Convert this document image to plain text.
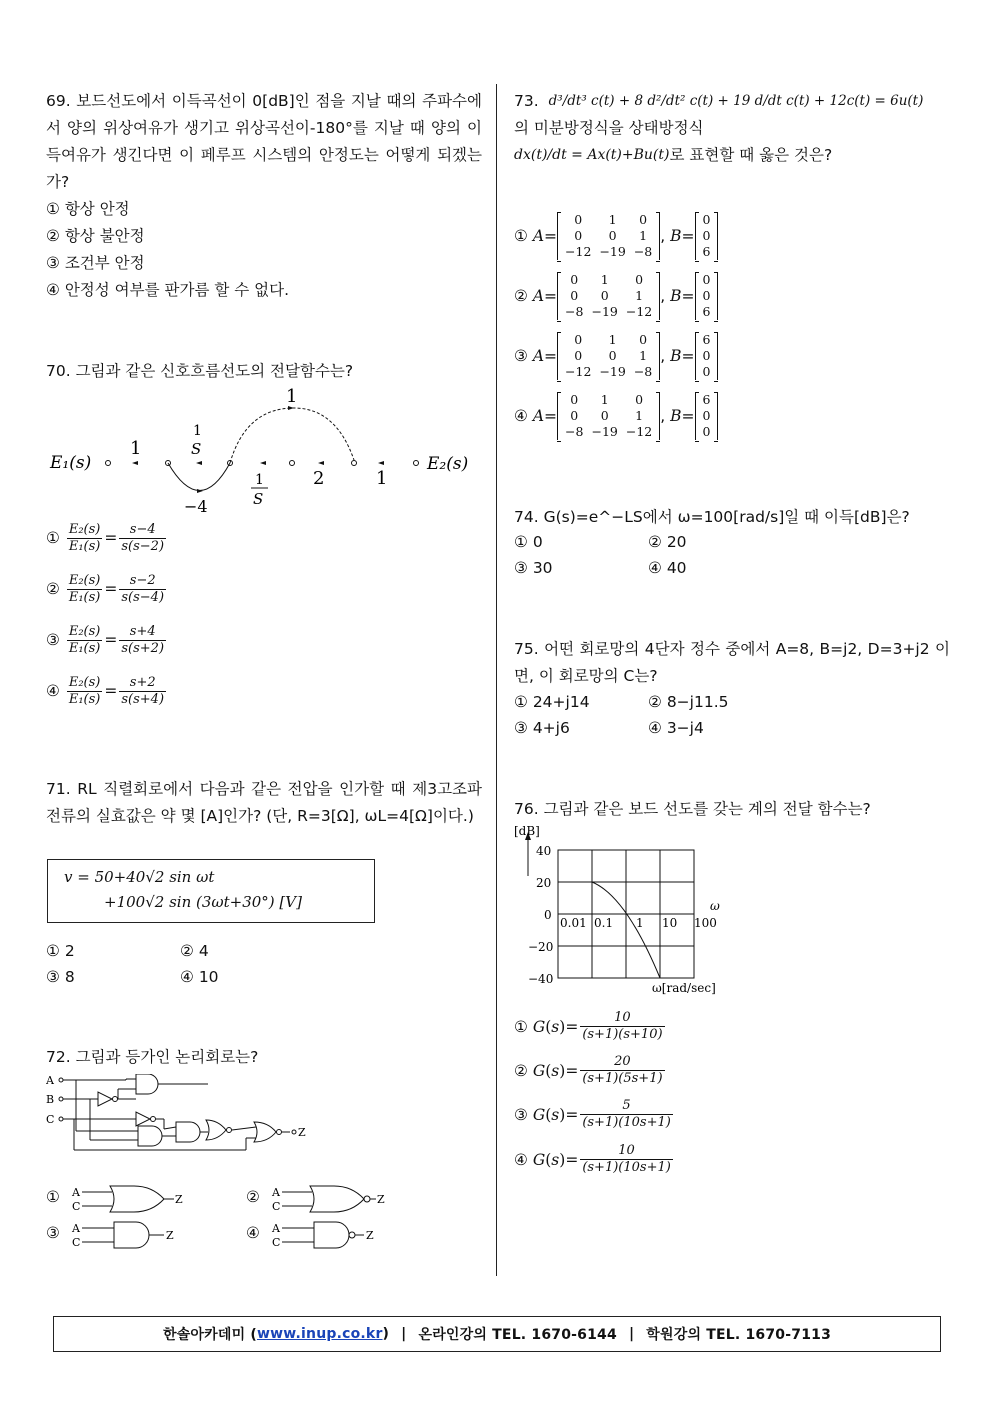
69. 보드선도에서 이득곡선이 0[dB]인 점을 지날 때의 주파수에서 양의 위상여유가 생기고 위상곡선이-180°를 지날 때 양의 이득여유가 생긴다면 이 페루프 시스템의 안정도는 어떻게 되겠는가?

① 항상 안정
② 항상 불안정
③ 조건부 안정
④ 안정성 여부를 판가름 할 수 없다.

70. 그림과 같은 신호흐름선도의 전달함수는?

E₁(s)
1
1
S
−4
1
1
S
2	1
E₂(s)
① $\frac{\text{E₂(s)}}{\text{E₁(s)}} = \frac{s-4}{s(s-2)}$
② $\frac{\text{E₂(s)}}{\text{E₁(s)}} = \frac{s-2}{s(s-4)}$
③ $\frac{\text{E₂(s)}}{\text{E₁(s)}} = \frac{s+4}{s(s+2)}$
④ $\frac{\text{E₂(s)}}{\text{E₁(s)}} = \frac{s+2}{s(s+4)}$

71. RL 직렬회로에서 다음과 같은 전압을 인가할 때 제3고조파 전류의 실효값은 약 몇 [A]인가? (단, R=3[Ω], ωL=4[Ω]이다.)

v = 50+40√2 sin ωt
+100√2 sin (3ωt+30°) [V]
① 2	② 4
③ 8	④ 10

72. 그림과 등가인 논리회로는?

A
B
C
Z
① A
C
Z	② A
C
Z
③ A
C
Z	④ A
C
Z
73. d³/dt³ c(t) + 8 d²/dt² c(t) + 19 d/dt c(t) + 12c(t) = 6u(t)

의 미분방정식을 상태방정식

dx(t)/dt = Ax(t)+Bu(t) 로 표현할 때 옳은 것은?
①
A =
0	1	0
0	0	1
−12	−19	−8
, B =
0
0
6
②
A =
0	1	0
0	0	1
−8	−19	−12
, B =
0
0
6
③
A =
0	1	0
0	0	1
−12	−19	−8
, B =
6
0
0
④
A =
0	1	0
0	0	1
−8	−19	−12
, B =
6
0
0

74. G(s)=e^−LS에서 ω=100[rad/s]일 때 이득[dB]은?

① 0	② 20
③ 30	④ 40

75. 어떤 회로망의 4단자 정수 중에서 A=8, B=j2, D=3+j2 이면, 이 회로망의 C는?

① 24+j14	② 8−j11.5
③ 4+j6	④ 3−j4

76. 그림과 같은 보드 선도를 갖는 계의 전달 함수는?

[dB]
40
20
0
−20
−40
0.01 0.1 1 10 100
ω
ω[rad/sec]
①
G ( s )= $\frac{10}{(s+1)(s+10)}$
②
G ( s )= $\frac{20}{(s+1)(5s+1)}$
③
G ( s )= $\frac{5}{(s+1)(10s+1)}$
④
G ( s )= $\frac{10}{(s+1)(10s+1)}$
한솔아카데미 ( www.inup.co.kr ) | 온라인강의 TEL. 1670-6144 | 학원강의 TEL. 1670-7113
